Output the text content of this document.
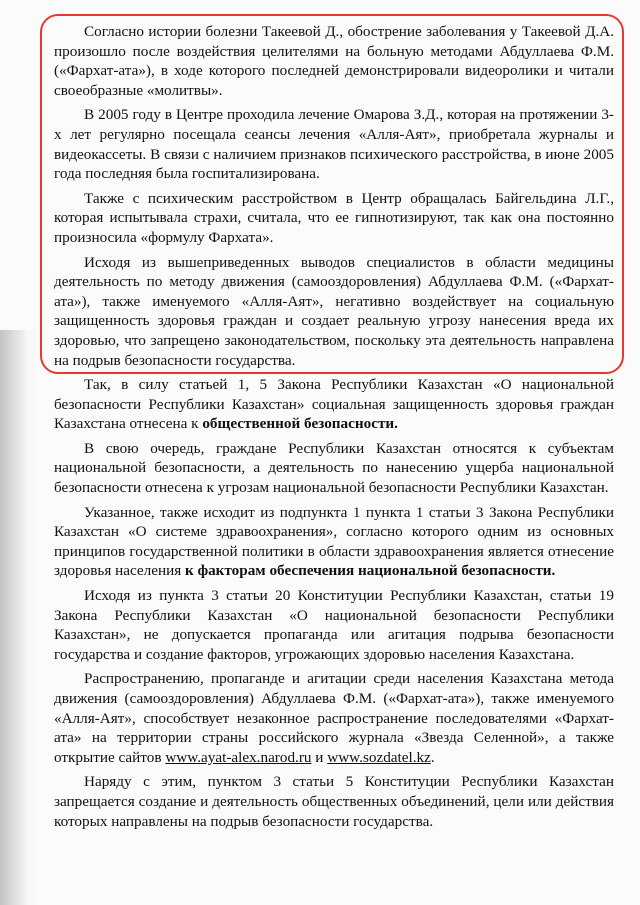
Согласно истории болезни Такеевой Д., обострение заболевания у Такеевой Д.А. произошло после воздействия целителями на больную методами Абдуллаева Ф.М. («Фархат-ата»), в ходе которого последней демонстрировали видеоролики и читали своеобразные «молитвы».

В 2005 году в Центре проходила лечение Омарова З.Д., которая на протяжении 3-х лет регулярно посещала сеансы лечения «Алля-Аят», приобретала журналы и видеокассеты. В связи с наличием признаков психического расстройства, в июне 2005 года последняя была госпитализирована.

Также с психическим расстройством в Центр обращалась Байгельдина Л.Г., которая испытывала страхи, считала, что ее гипнотизируют, так как она постоянно произносила «формулу Фархата».

Исходя из вышеприведенных выводов специалистов в области медицины деятельность по методу движения (самооздоровления) Абдуллаева Ф.М. («Фархат-ата»), также именуемого «Алля-Аят», негативно воздействует на социальную защищенность здоровья граждан и создает реальную угрозу нанесения вреда их здоровью, что запрещено законодательством, поскольку эта деятельность направлена на подрыв безопасности государства.

Так, в силу статьей 1, 5 Закона Республики Казахстан «О национальной безопасности Республики Казахстан» социальная защищенность здоровья граждан Казахстана отнесена к общественной безопасности.

В свою очередь, граждане Республики Казахстан относятся к субъектам национальной безопасности, а деятельность по нанесению ущерба национальной безопасности отнесена к угрозам национальной безопасности Республики Казахстан.

Указанное, также исходит из подпункта 1 пункта 1 статьи 3 Закона Республики Казахстан «О системе здравоохранения», согласно которого одним из основных принципов государственной политики в области здравоохранения является отнесение здоровья населения к факторам обеспечения национальной безопасности.

Исходя из пункта 3 статьи 20 Конституции Республики Казахстан, статьи 19 Закона Республики Казахстан «О национальной безопасности Республики Казахстан», не допускается пропаганда или агитация подрыва безопасности государства и создание факторов, угрожающих здоровью населения Казахстана.

Распространению, пропаганде и агитации среди населения Казахстана метода движения (самооздоровления) Абдуллаева Ф.М. («Фархат-ата»), также именуемого «Алля-Аят», способствует незаконное распространение последователями «Фархат-ата» на территории страны российского журнала «Звезда Селенной», а также открытие сайтов www.ayat-alex.narod.ru и www.sozdatel.kz.

Наряду с этим, пунктом 3 статьи 5 Конституции Республики Казахстан запрещается создание и деятельность общественных объединений, цели или действия которых направлены на подрыв безопасности государства.
